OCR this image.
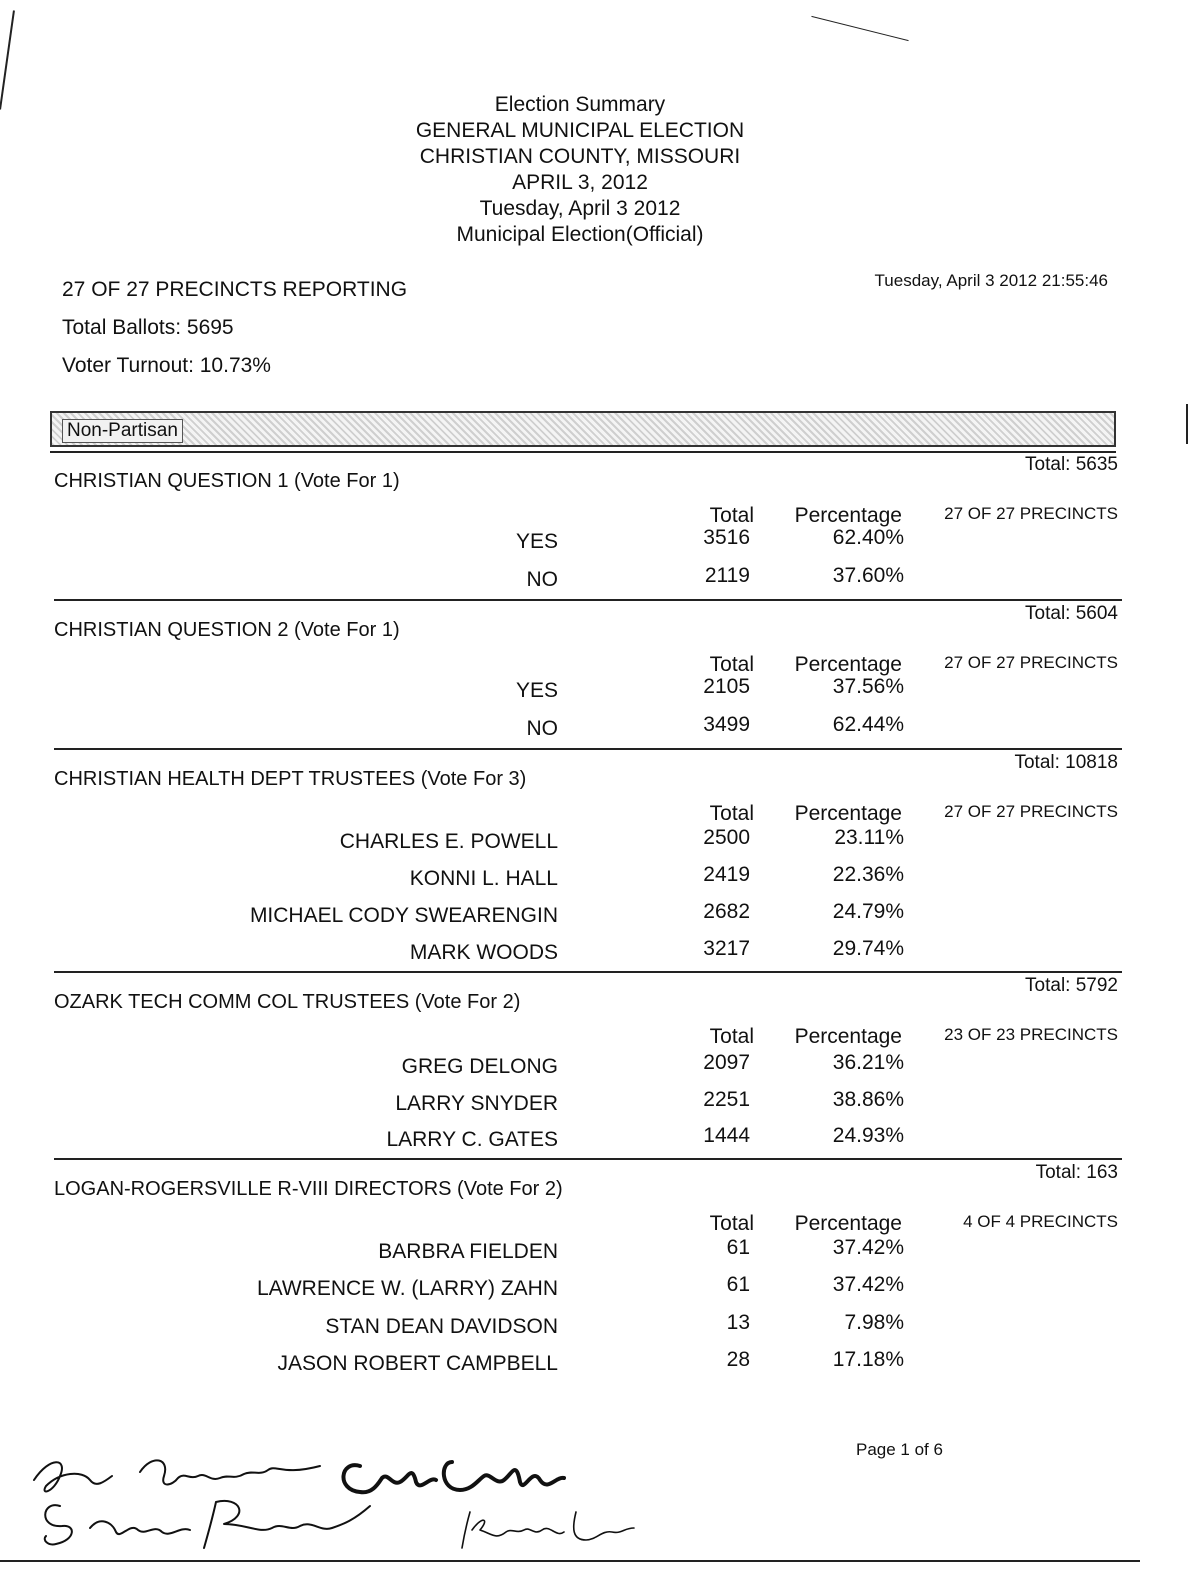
Election Summary
GENERAL MUNICIPAL ELECTION
CHRISTIAN COUNTY, MISSOURI
APRIL 3, 2012
Tuesday, April 3 2012
Municipal Election(Official)
27 OF 27 PRECINCTS REPORTING
Total Ballots: 5695
Voter Turnout: 10.73%
Tuesday, April 3 2012 21:55:46
Non-Partisan
Total: 5635
CHRISTIAN QUESTION 1 (Vote For 1)
Total	Percentage 27 OF 27 PRECINCTS
YES	3516	62.40%
NO	2119	37.60%
Total: 5604
CHRISTIAN QUESTION 2 (Vote For 1)
Total	Percentage 27 OF 27 PRECINCTS
YES	2105	37.56%
NO	3499	62.44%
Total: 10818
CHRISTIAN HEALTH DEPT TRUSTEES (Vote For 3)
Total	Percentage 27 OF 27 PRECINCTS
CHARLES E. POWELL	2500	23.11%
KONNI L. HALL	2419	22.36%
MICHAEL CODY SWEARENGIN	2682	24.79%
MARK WOODS	3217	29.74%
Total: 5792
OZARK TECH COMM COL TRUSTEES (Vote For 2)
Total	Percentage 23 OF 23 PRECINCTS
GREG DELONG	2097	36.21%
LARRY SNYDER	2251	38.86%
LARRY C. GATES	1444	24.93%
Total: 163
LOGAN-ROGERSVILLE R-VIII DIRECTORS (Vote For 2)
Total	Percentage	4 OF 4 PRECINCTS
BARBRA FIELDEN	61	37.42%
LAWRENCE W. (LARRY) ZAHN	61	37.42%
STAN DEAN DAVIDSON	13	7.98%
JASON ROBERT CAMPBELL	28	17.18%
Page 1 of 6
